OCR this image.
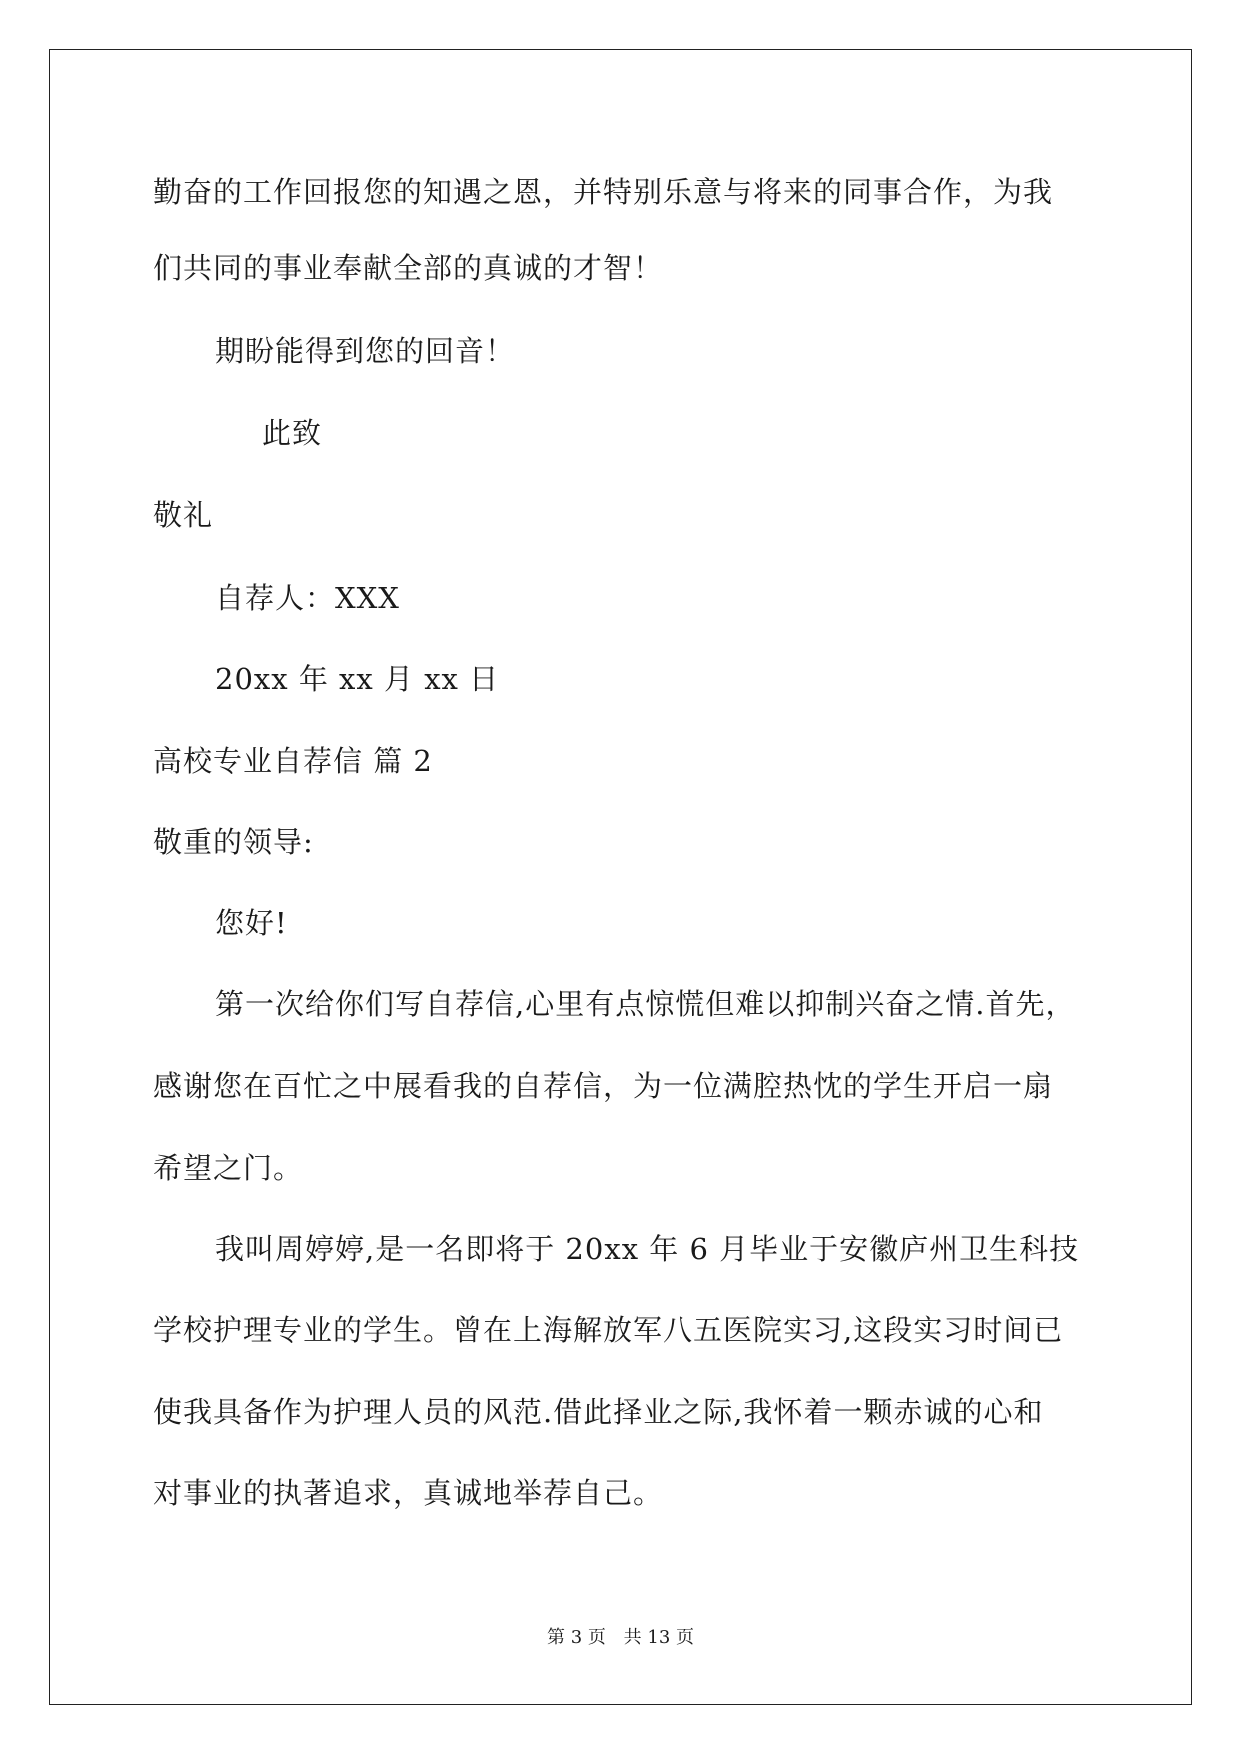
勤奋的工作回报您的知遇之恩，并特别乐意与将来的同事合作，为我
们共同的事业奉献全部的真诚的才智！
期盼能得到您的回音！
此致
敬礼
自荐人：XXX
20xx 年 xx 月 xx 日
高校专业自荐信 篇 2
敬重的领导:
您好!
第一次给你们写自荐信,心里有点惊慌但难以抑制兴奋之情.首先，
感谢您在百忙之中展看我的自荐信，为一位满腔热忱的学生开启一扇
希望之门。
我叫周婷婷,是一名即将于 20xx 年 6 月毕业于安徽庐州卫生科技
学校护理专业的学生。曾在上海解放军八五医院实习,这段实习时间已
使我具备作为护理人员的风范.借此择业之际,我怀着一颗赤诚的心和
对事业的执著追求，真诚地举荐自己。
第 3 页 共 13 页
